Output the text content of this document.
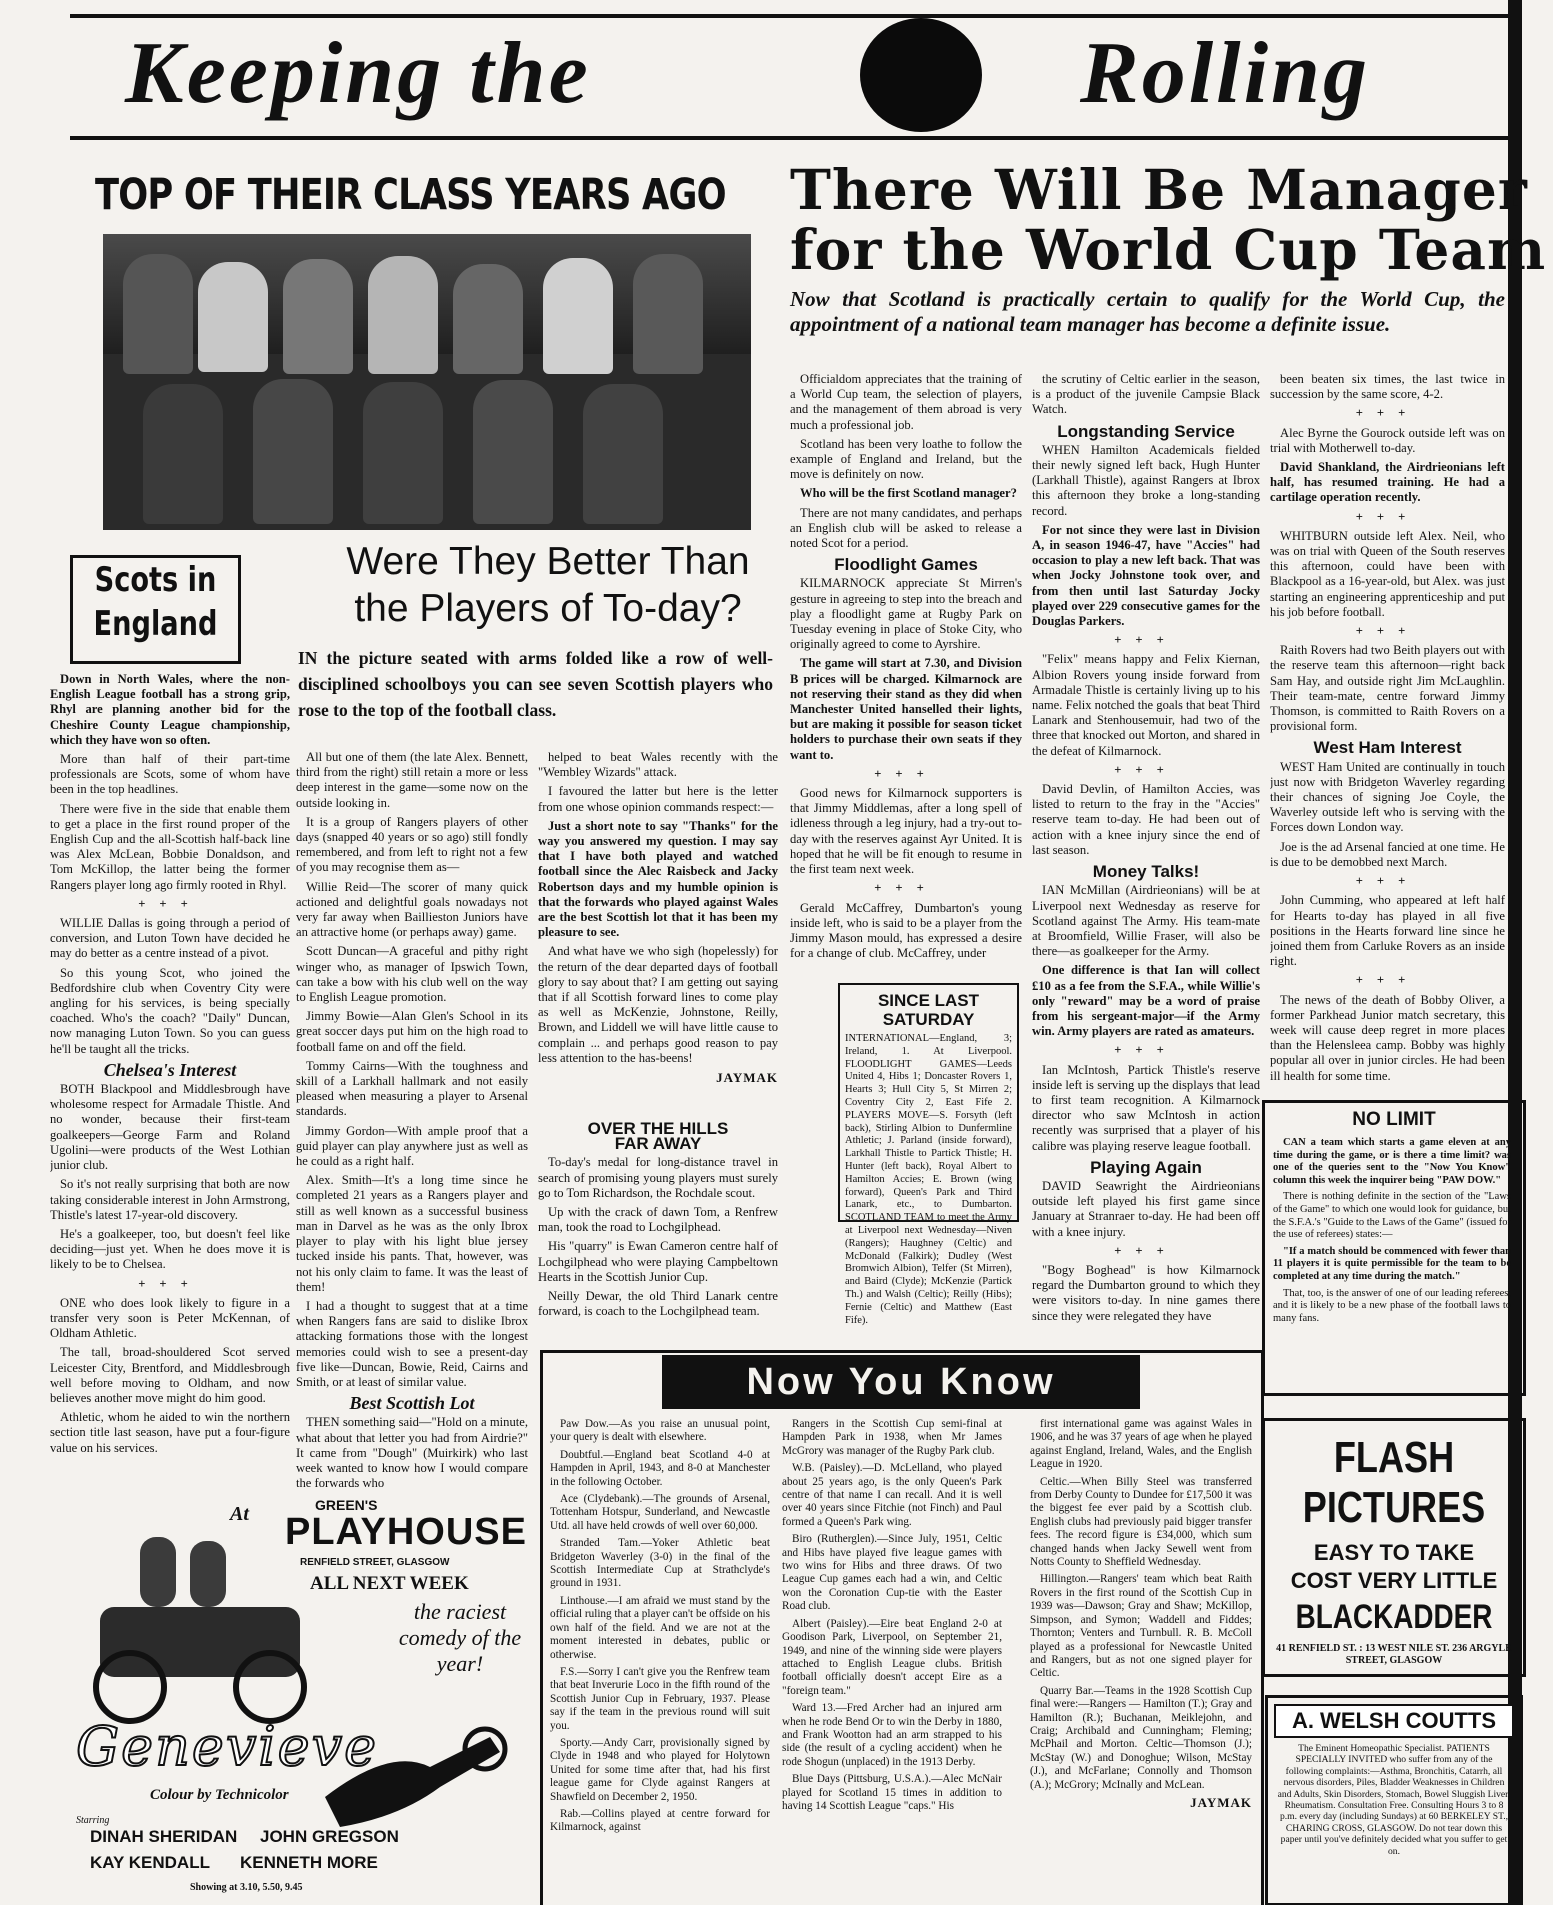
Keeping the	Rolling
TOP OF THEIR CLASS YEARS AGO There Will Be Manager
for the World Cup Team
Now that Scotland is practically certain to qualify for the World Cup, the appointment of a national team manager has become a definite issue.
Scots in
England

Down in North Wales, where the non-English League football has a strong grip, Rhyl are planning another bid for the Cheshire County League championship, which they have won so often.

More than half of their part-time professionals are Scots, some of whom have been in the top headlines.

There were five in the side that enable them to get a place in the first round proper of the English Cup and the all-Scottish half-back line was Alex McLean, Bobbie Donaldson, and Tom McKillop, the latter being the former Rangers player long ago firmly rooted in Rhyl.

+++

WILLIE Dallas is going through a period of conversion, and Luton Town have decided he may do better as a centre instead of a pivot.

So this young Scot, who joined the Bedfordshire club when Coventry City were angling for his services, is being specially coached. Who's the coach? "Daily" Duncan, now managing Luton Town. So you can guess he'll be taught all the tricks.

Chelsea's Interest

BOTH Blackpool and Middlesbrough have wholesome respect for Armadale Thistle. And no wonder, because their first-team goalkeepers—George Farm and Roland Ugolini—were products of the West Lothian junior club.

So it's not really surprising that both are now taking considerable interest in John Armstrong, Thistle's latest 17-year-old discovery.

He's a goalkeeper, too, but doesn't feel like deciding—just yet. When he does move it is likely to be to Chelsea.

+++

ONE who does look likely to figure in a transfer very soon is Peter McKennan, of Oldham Athletic.

The tall, broad-shouldered Scot served Leicester City, Brentford, and Middlesbrough well before moving to Oldham, and now believes another move might do him good.

Athletic, whom he aided to win the northern section title last season, have put a four-figure value on his services.

Were They Better Than the Players of To-day?
IN the picture seated with arms folded like a row of well-disciplined schoolboys you can see seven Scottish players who rose to the top of the football class.

All but one of them (the late Alex. Bennett, third from the right) still retain a more or less deep interest in the game—some now on the outside looking in.

It is a group of Rangers players of other days (snapped 40 years or so ago) still fondly remembered, and from left to right not a few of you may recognise them as—

Willie Reid—The scorer of many quick actioned and delightful goals nowadays not very far away when Baillieston Juniors have an attractive home (or perhaps away) game.

Scott Duncan—A graceful and pithy right winger who, as manager of Ipswich Town, can take a bow with his club well on the way to English League promotion.

Jimmy Bowie—Alan Glen's School in its great soccer days put him on the high road to football fame on and off the field.

Tommy Cairns—With the toughness and skill of a Larkhall hallmark and not easily pleased when measuring a player to Arsenal standards.

Jimmy Gordon—With ample proof that a guid player can play anywhere just as well as he could as a right half.

Alex. Smith—It's a long time since he completed 21 years as a Rangers player and still as well known as a successful business man in Darvel as he was as the only Ibrox player to play with his light blue jersey tucked inside his pants. That, however, was not his only claim to fame. It was the least of them!

I had a thought to suggest that at a time when Rangers fans are said to dislike Ibrox attacking formations those with the longest memories could wish to see a present-day five like—Duncan, Bowie, Reid, Cairns and Smith, or at least of similar value.

Best Scottish Lot

THEN something said—"Hold on a minute, what about that letter you had from Airdrie?" It came from "Dough" (Muirkirk) who last week wanted to know how I would compare the forwards who

helped to beat Wales recently with the "Wembley Wizards" attack.

I favoured the latter but here is the letter from one whose opinion commands respect:—

Just a short note to say "Thanks" for the way you answered my question. I may say that I have both played and watched football since the Alec Raisbeck and Jacky Robertson days and my humble opinion is that the forwards who played against Wales are the best Scottish lot that it has been my pleasure to see.

And what have we who sigh (hopelessly) for the return of the dear departed days of football glory to say about that? I am getting out saying that if all Scottish forward lines to come play as well as McKenzie, Johnstone, Reilly, Brown, and Liddell we will have little cause to complain ... and perhaps good reason to pay less attention to the has-beens!

JAYMAK
OVER THE HILLS
FAR AWAY

To-day's medal for long-distance travel in search of promising young players must surely go to Tom Richardson, the Rochdale scout.

Up with the crack of dawn Tom, a Renfrew man, took the road to Lochgilphead.

His "quarry" is Ewan Cameron centre half of Lochgilphead who were playing Campbeltown Hearts in the Scottish Junior Cup.

Neilly Dewar, the old Third Lanark centre forward, is coach to the Lochgilphead team.

Officialdom appreciates that the training of a World Cup team, the selection of players, and the management of them abroad is very much a professional job.

Scotland has been very loathe to follow the example of England and Ireland, but the move is definitely on now.

Who will be the first Scotland manager?

There are not many candidates, and perhaps an English club will be asked to release a noted Scot for a period.

Floodlight Games

KILMARNOCK appreciate St Mirren's gesture in agreeing to step into the breach and play a floodlight game at Rugby Park on Tuesday evening in place of Stoke City, who originally agreed to come to Ayrshire.

The game will start at 7.30, and Division B prices will be charged. Kilmarnock are not reserving their stand as they did when Manchester United hanselled their lights, but are making it possible for season ticket holders to purchase their own seats if they want to.

+++

Good news for Kilmarnock supporters is that Jimmy Middlemas, after a long spell of idleness through a leg injury, had a try-out to-day with the reserves against Ayr United. It is hoped that he will be fit enough to resume in the first team next week.

+++

Gerald McCaffrey, Dumbarton's young inside left, who is said to be a player from the Jimmy Mason mould, has expressed a desire for a change of club. McCaffrey, under

SINCE LAST
SATURDAY
INTERNATIONAL—England, 3; Ireland, 1. At Liverpool. FLOODLIGHT GAMES—Leeds United 4, Hibs 1; Doncaster Rovers 1, Hearts 3; Hull City 5, St Mirren 2; Coventry City 2, East Fife 2. PLAYERS MOVE—S. Forsyth (left back), Stirling Albion to Dunfermline Athletic; J. Parland (inside forward), Larkhall Thistle to Partick Thistle; H. Hunter (left back), Royal Albert to Hamilton Accies; E. Brown (wing forward), Queen's Park and Third Lanark, etc., to Dumbarton. SCOTLAND TEAM to meet the Army at Liverpool next Wednesday—Niven (Rangers); Haughney (Celtic) and McDonald (Falkirk); Dudley (West Bromwich Albion), Telfer (St Mirren), and Baird (Clyde); McKenzie (Partick Th.) and Walsh (Celtic); Reilly (Hibs); Fernie (Celtic) and Matthew (East Fife).

the scrutiny of Celtic earlier in the season, is a product of the juvenile Campsie Black Watch.

Longstanding Service

WHEN Hamilton Academicals fielded their newly signed left back, Hugh Hunter (Larkhall Thistle), against Rangers at Ibrox this afternoon they broke a long-standing record.

For not since they were last in Division A, in season 1946-47, have "Accies" had occasion to play a new left back. That was when Jocky Johnstone took over, and from then until last Saturday Jocky played over 229 consecutive games for the Douglas Parkers.

+++

"Felix" means happy and Felix Kiernan, Albion Rovers young inside forward from Armadale Thistle is certainly living up to his name. Felix notched the goals that beat Third Lanark and Stenhousemuir, had two of the three that knocked out Morton, and shared in the defeat of Kilmarnock.

+++

David Devlin, of Hamilton Accies, was listed to return to the fray in the "Accies" reserve team to-day. He had been out of action with a knee injury since the end of last season.

Money Talks!

IAN McMillan (Airdrieonians) will be at Liverpool next Wednesday as reserve for Scotland against The Army. His team-mate at Broomfield, Willie Fraser, will also be there—as goalkeeper for the Army.

One difference is that Ian will collect £10 as a fee from the S.F.A., while Willie's only "reward" may be a word of praise from his sergeant-major—if the Army win. Army players are rated as amateurs.

+++

Ian McIntosh, Partick Thistle's reserve inside left is serving up the displays that lead to first team recognition. A Kilmarnock director who saw McIntosh in action recently was surprised that a player of his calibre was playing reserve league football.

Playing Again

DAVID Seawright the Airdrieonians outside left played his first game since January at Stranraer to-day. He had been off with a knee injury.

+++

"Bogy Boghead" is how Kilmarnock regard the Dumbarton ground to which they were visitors to-day. In nine games there since they were relegated they have

been beaten six times, the last twice in succession by the same score, 4-2.

+++

Alec Byrne the Gourock outside left was on trial with Motherwell to-day.

David Shankland, the Airdrieonians left half, has resumed training. He had a cartilage operation recently.

+++

WHITBURN outside left Alex. Neil, who was on trial with Queen of the South reserves this afternoon, could have been with Blackpool as a 16-year-old, but Alex. was just starting an engineering apprenticeship and put his job before football.

+++

Raith Rovers had two Beith players out with the reserve team this afternoon—right back Sam Hay, and outside right Jim McLaughlin. Their team-mate, centre forward Jimmy Thomson, is committed to Raith Rovers on a provisional form.

West Ham Interest

WEST Ham United are continually in touch just now with Bridgeton Waverley regarding their chances of signing Joe Coyle, the Waverley outside left who is serving with the Forces down London way.

Joe is the ad Arsenal fancied at one time. He is due to be demobbed next March.

+++

John Cumming, who appeared at left half for Hearts to-day has played in all five positions in the Hearts forward line since he joined them from Carluke Rovers as an inside right.

+++

The news of the death of Bobby Oliver, a former Parkhead Junior match secretary, this week will cause deep regret in more places than the Helensleea camp. Bobby was highly popular all over in junior circles. He had been ill health for some time.

NO LIMIT

CAN a team which starts a game eleven at any time during the game, or is there a time limit? was one of the queries sent to the "Now You Know" column this week the inquirer being "PAW DOW."

There is nothing definite in the section of the "Laws of the Game" to which one would look for guidance, but the S.F.A.'s "Guide to the Laws of the Game" (issued for the use of referees) states:—

"If a match should be commenced with fewer than 11 players it is quite permissible for the team to be completed at any time during the match."

That, too, is the answer of one of our leading referees, and it is likely to be a new phase of the football laws to many fans.

Now You Know

Paw Dow.—As you raise an unusual point, your query is dealt with elsewhere.

Doubtful.—England beat Scotland 4-0 at Hampden in April, 1943, and 8-0 at Manchester in the following October.

Ace (Clydebank).—The grounds of Arsenal, Tottenham Hotspur, Sunderland, and Newcastle Utd. all have held crowds of well over 60,000.

Stranded Tam.—Yoker Athletic beat Bridgeton Waverley (3-0) in the final of the Scottish Intermediate Cup at Strathclyde's ground in 1931.

Linthouse.—I am afraid we must stand by the official ruling that a player can't be offside on his own half of the field. And we are not at the moment interested in debates, public or otherwise.

F.S.—Sorry I can't give you the Renfrew team that beat Inverurie Loco in the fifth round of the Scottish Junior Cup in February, 1937. Please say if the team in the previous round will suit you.

Sporty.—Andy Carr, provisionally signed by Clyde in 1948 and who played for Holytown United for some time after that, had his first league game for Clyde against Rangers at Shawfield on December 2, 1950.

Rab.—Collins played at centre forward for Kilmarnock, against

Rangers in the Scottish Cup semi-final at Hampden Park in 1938, when Mr James McGrory was manager of the Rugby Park club.

W.B. (Paisley).—D. McLelland, who played about 25 years ago, is the only Queen's Park centre of that name I can recall. And it is well over 40 years since Fitchie (not Finch) and Paul formed a Queen's Park wing.

Biro (Rutherglen).—Since July, 1951, Celtic and Hibs have played five league games with two wins for Hibs and three draws. Of two League Cup games each had a win, and Celtic won the Coronation Cup-tie with the Easter Road club.

Albert (Paisley).—Eire beat England 2-0 at Goodison Park, Liverpool, on September 21, 1949, and nine of the winning side were players attached to English League clubs. British football officially doesn't accept Eire as a "foreign team."

Ward 13.—Fred Archer had an injured arm when he rode Bend Or to win the Derby in 1880, and Frank Wootton had an arm strapped to his side (the result of a cycling accident) when he rode Shogun (unplaced) in the 1913 Derby.

Blue Days (Pittsburg, U.S.A.).—Alec McNair played for Scotland 15 times in addition to having 14 Scottish League "caps." His

first international game was against Wales in 1906, and he was 37 years of age when he played against England, Ireland, Wales, and the English League in 1920.

Celtic.—When Billy Steel was transferred from Derby County to Dundee for £17,500 it was the biggest fee ever paid by a Scottish club. English clubs had previously paid bigger transfer fees. The record figure is £34,000, which sum changed hands when Jacky Sewell went from Notts County to Sheffield Wednesday.

Hillington.—Rangers' team which beat Raith Rovers in the first round of the Scottish Cup in 1939 was—Dawson; Gray and Shaw; McKillop, Simpson, and Symon; Waddell and Fiddes; Thornton; Venters and Turnbull. R. B. McColl played as a professional for Newcastle United and Rangers, but as not one signed player for Celtic.

Quarry Bar.—Teams in the 1928 Scottish Cup final were:—Rangers — Hamilton (T.); Gray and Hamilton (R.); Buchanan, Meiklejohn, and Craig; Archibald and Cunningham; Fleming; McPhail and Morton. Celtic—Thomson (J.); McStay (W.) and Donoghue; Wilson, McStay (J.), and McFarlane; Connolly and Thomson (A.); McGrory; McInally and McLean.

JAYMAK
FLASH
PICTURES
EASY TO TAKE
COST VERY LITTLE
BLACKADDER
41 RENFIELD ST. : 13 WEST NILE ST. 236 ARGYLE STREET, GLASGOW
A. WELSH COUTTS
The Eminent Homeopathic Specialist. PATIENTS SPECIALLY INVITED who suffer from any of the following complaints:—Asthma, Bronchitis, Catarrh, all nervous disorders, Piles, Bladder Weaknesses in Children and Adults, Skin Disorders, Stomach, Bowel Sluggish Liver, Rheumatism. Consultation Free. Consulting Hours 3 to 8 p.m. every day (including Sundays) at 60 BERKELEY ST., CHARING CROSS, GLASGOW. Do not tear down this paper until you've definitely decided what you suffer to get on.
At	GREEN'S
PLAYHOUSE
RENFIELD STREET, GLASGOW
ALL NEXT WEEK
the raciest comedy of the year!
Genevieve
Colour by Technicolor
Starring
DINAH SHERIDAN JOHN GREGSON
KAY KENDALL KENNETH MORE
Showing at 3.10, 5.50, 9.45
